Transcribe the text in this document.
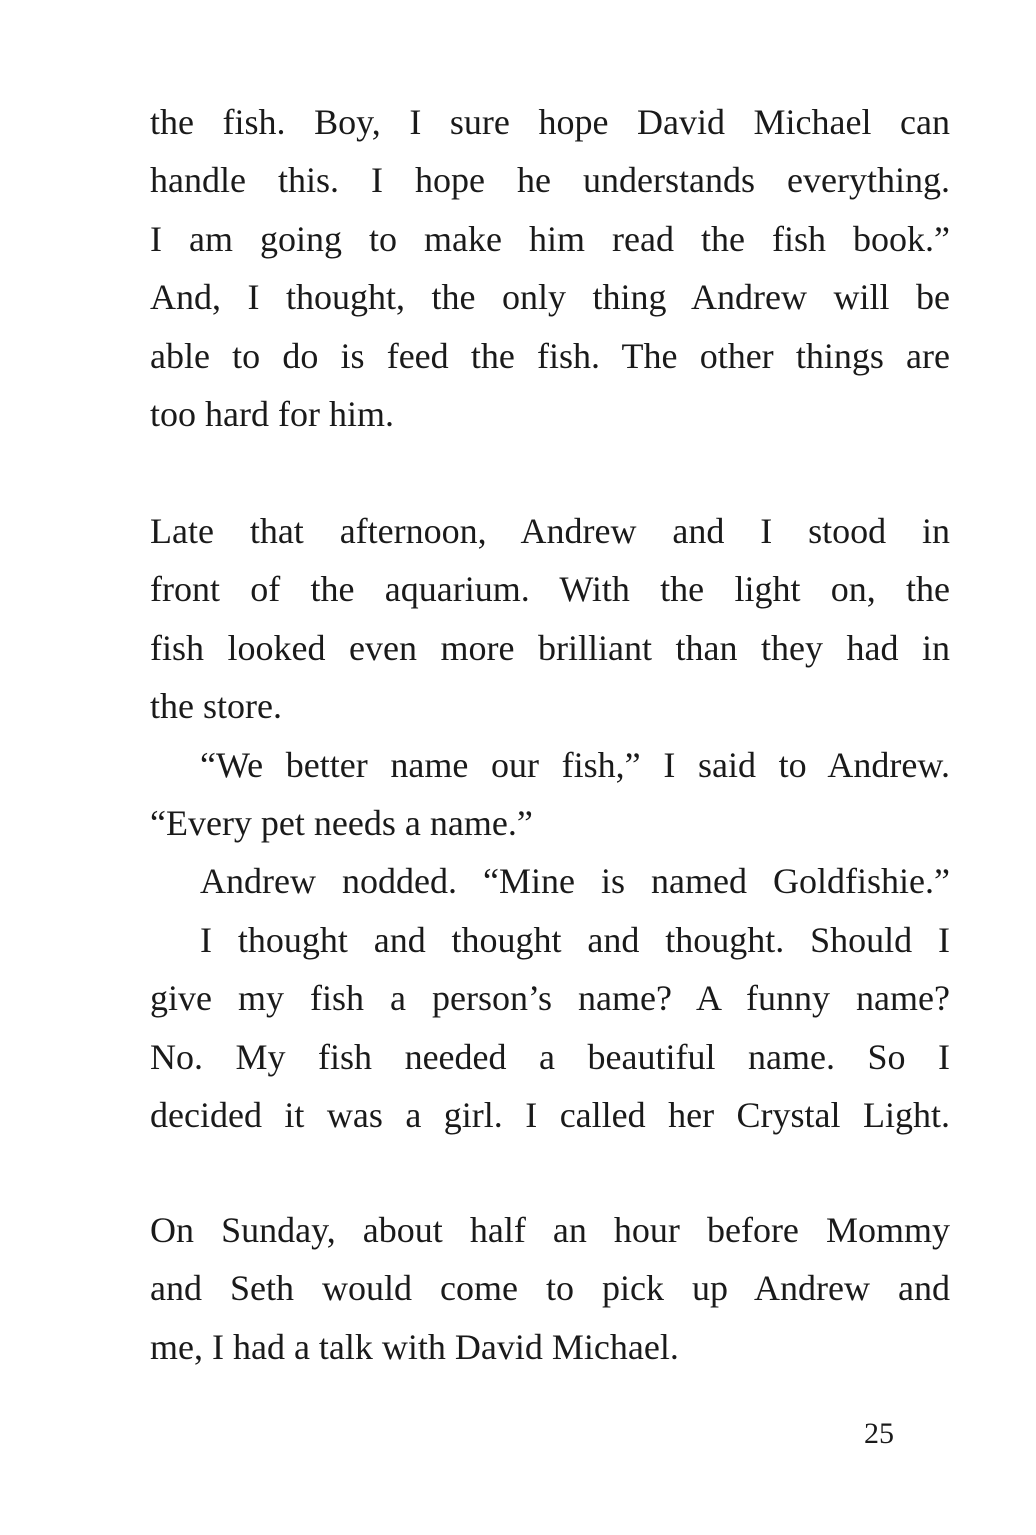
the fish. Boy, I sure hope David Michael can
handle this. I hope he understands everything.
I am going to make him read the fish book.”
And, I thought, the only thing Andrew will be
able to do is feed the fish. The other things are
too hard for him.
Late that afternoon, Andrew and I stood in
front of the aquarium. With the light on, the
fish looked even more brilliant than they had in
the store.
“We better name our fish,” I said to Andrew.
“Every pet needs a name.”
Andrew nodded. “Mine is named Goldfishie.”
I thought and thought and thought. Should I
give my fish a person’s name? A funny name?
No. My fish needed a beautiful name. So I
decided it was a girl. I called her Crystal Light.
On Sunday, about half an hour before Mommy
and Seth would come to pick up Andrew and
me, I had a talk with David Michael.
25
